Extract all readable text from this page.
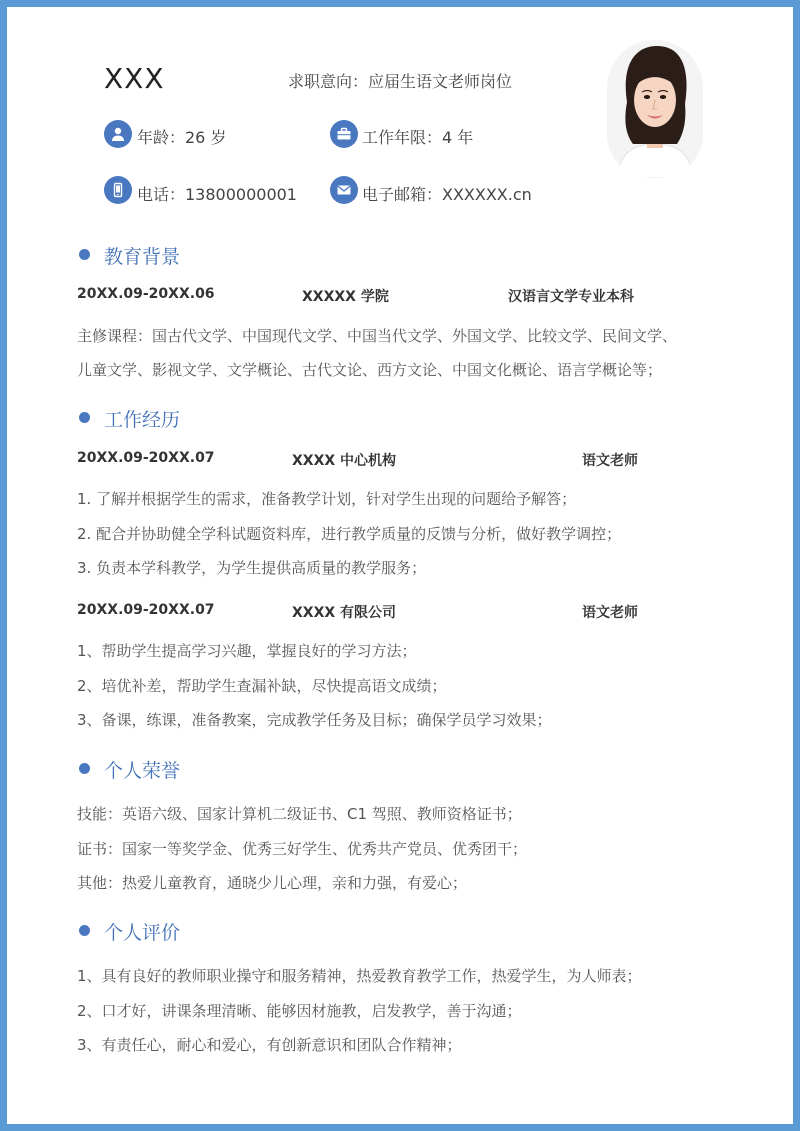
XXX	求职意向：应届生语文老师岗位
年龄：26 岁	工作年限：4 年
电话：13800000001	电子邮箱：XXXXXX.cn
教育背景
20XX.09-20XX.06	XXXXX 学院	汉语言文学专业本科
主修课程：国古代文学、中国现代文学、中国当代文学、外国文学、比较文学、民间文学、
儿童文学、影视文学、文学概论、古代文论、西方文论、中国文化概论、语言学概论等；
工作经历
20XX.09-20XX.07	XXXX 中心机构	语文老师
1. 了解并根据学生的需求，准备教学计划，针对学生出现的问题给予解答；
2. 配合并协助健全学科试题资料库，进行教学质量的反馈与分析，做好教学调控；
3. 负责本学科教学，为学生提供高质量的教学服务；
20XX.09-20XX.07	XXXX 有限公司	语文老师
1、帮助学生提高学习兴趣，掌握良好的学习方法；
2、培优补差，帮助学生查漏补缺，尽快提高语文成绩；
3、备课，练课，准备教案，完成教学任务及目标；确保学员学习效果；
个人荣誉
技能：英语六级、国家计算机二级证书、C1 驾照、教师资格证书；
证书：国家一等奖学金、优秀三好学生、优秀共产党员、优秀团干；
其他：热爱儿童教育，通晓少儿心理，亲和力强，有爱心；
个人评价
1、具有良好的教师职业操守和服务精神，热爱教育教学工作，热爱学生，为人师表；
2、口才好，讲课条理清晰、能够因材施教，启发教学，善于沟通；
3、有责任心，耐心和爱心，有创新意识和团队合作精神；
